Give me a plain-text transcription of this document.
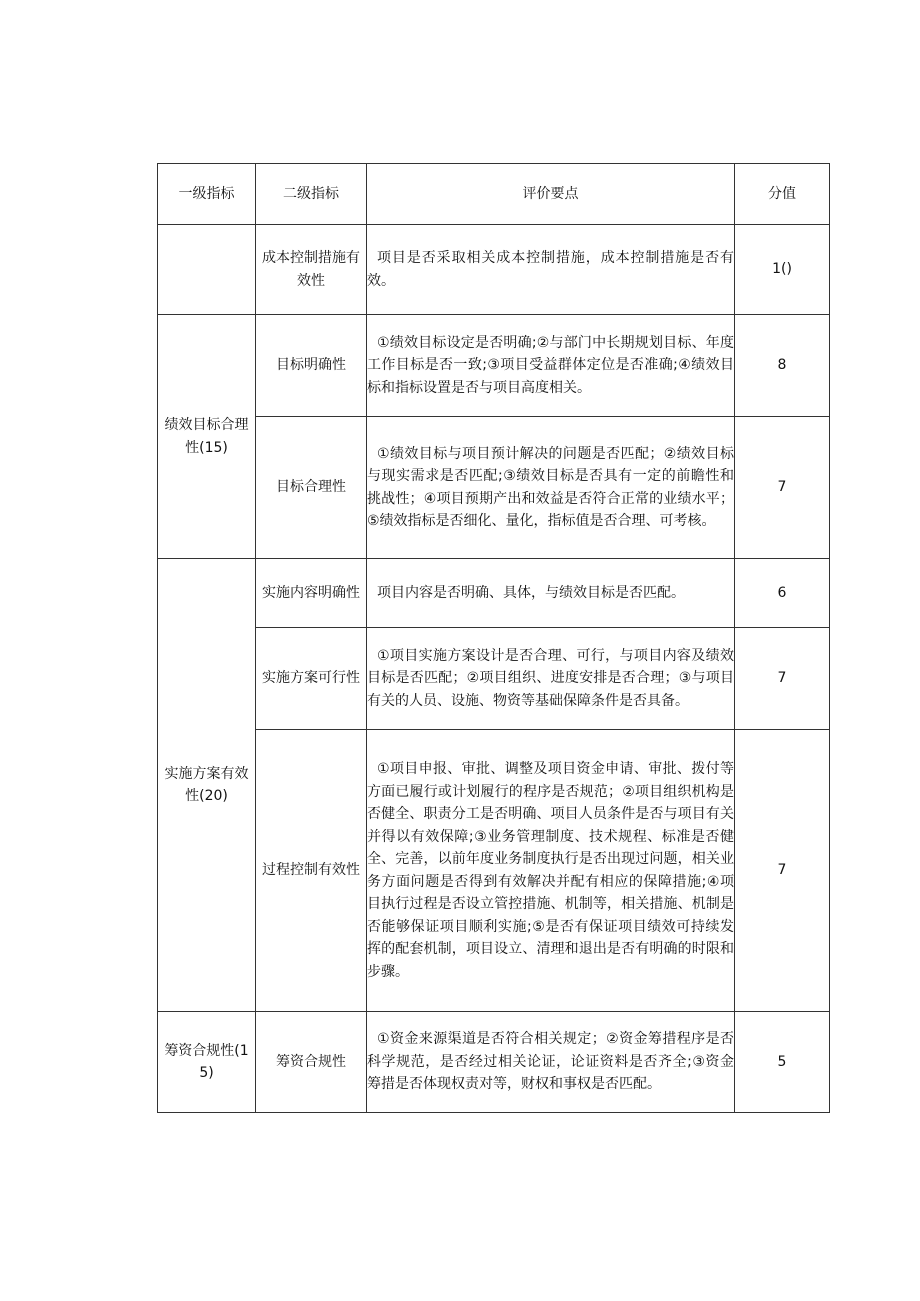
一级指标	二级指标	评价要点	分值
	成本控制措施有效性	项目是否采取相关成本控制措施，成本控制措施是否有效。	1()
绩效目标合理性(15)	目标明确性	①绩效目标设定是否明确;②与部门中长期规划目标、年度工作目标是否一致;③项目受益群体定位是否准确;④绩效目标和指标设置是否与项目高度相关。	8
	目标合理性	①绩效目标与项目预计解决的问题是否匹配；②绩效目标与现实需求是否匹配;③绩效目标是否具有一定的前瞻性和挑战性；④项目预期产出和效益是否符合正常的业绩水平；⑤绩效指标是否细化、量化，指标值是否合理、可考核。	7
实施方案有效性(20)	实施内容明确性	项目内容是否明确、具体，与绩效目标是否匹配。	6
	实施方案可行性	①项目实施方案设计是否合理、可行，与项目内容及绩效目标是否匹配；②项目组织、进度安排是否合理；③与项目有关的人员、设施、物资等基础保障条件是否具备。	7
	过程控制有效性	①项目申报、审批、调整及项目资金申请、审批、拨付等方面已履行或计划履行的程序是否规范；②项目组织机构是否健全、职责分工是否明确、项目人员条件是否与项目有关并得以有效保障;③业务管理制度、技术规程、标准是否健全、完善，以前年度业务制度执行是否出现过问题，相关业务方面问题是否得到有效解决并配有相应的保障措施;④项目执行过程是否设立管控措施、机制等，相关措施、机制是否能够保证项目顺利实施;⑤是否有保证项目绩效可持续发挥的配套机制，项目设立、清理和退出是否有明确的时限和步骤。	7
筹资合规性(15)	筹资合规性	①资金来源渠道是否符合相关规定；②资金筹措程序是否科学规范，是否经过相关论证，论证资料是否齐全;③资金筹措是否体现权责对等，财权和事权是否匹配。	5
